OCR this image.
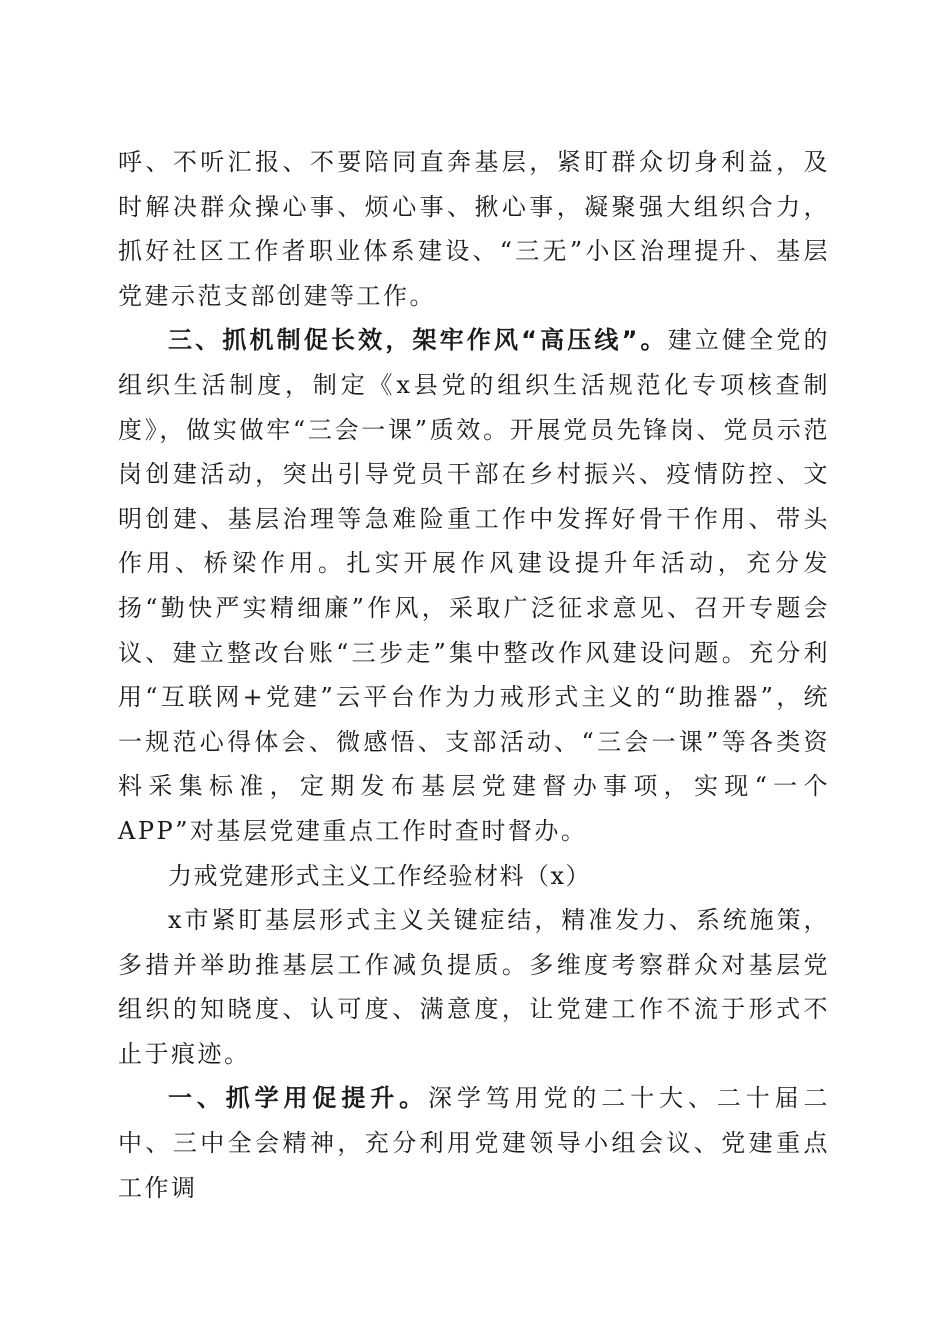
呼、不听汇报、不要陪同直奔基层，紧盯群众切身利益，及时解决群众操心事、烦心事、揪心事，凝聚强大组织合力，抓好社区工作者职业体系建设、“三无”小区治理提升、基层党建示范支部创建等工作。

三、抓机制促长效，架牢作风“高压线”。建立健全党的组织生活制度，制定《x县党的组织生活规范化专项核查制度》，做实做牢“三会一课”质效。开展党员先锋岗、党员示范岗创建活动，突出引导党员干部在乡村振兴、疫情防控、文明创建、基层治理等急难险重工作中发挥好骨干作用、带头作用、桥梁作用。扎实开展作风建设提升年活动，充分发扬“勤快严实精细廉”作风，采取广泛征求意见、召开专题会议、建立整改台账“三步走”集中整改作风建设问题。充分利用“互联网+党建”云平台作为力戒形式主义的“助推器”，统一规范心得体会、微感悟、支部活动、“三会一课”等各类资料采集标准，定期发布基层党建督办事项，实现“一个APP”对基层党建重点工作时查时督办。

力戒党建形式主义工作经验材料（x）

x市紧盯基层形式主义关键症结，精准发力、系统施策，多措并举助推基层工作减负提质。多维度考察群众对基层党组织的知晓度、认可度、满意度，让党建工作不流于形式不止于痕迹。

一、抓学用促提升。深学笃用党的二十大、二十届二中、三中全会精神，充分利用党建领导小组会议、党建重点工作调
